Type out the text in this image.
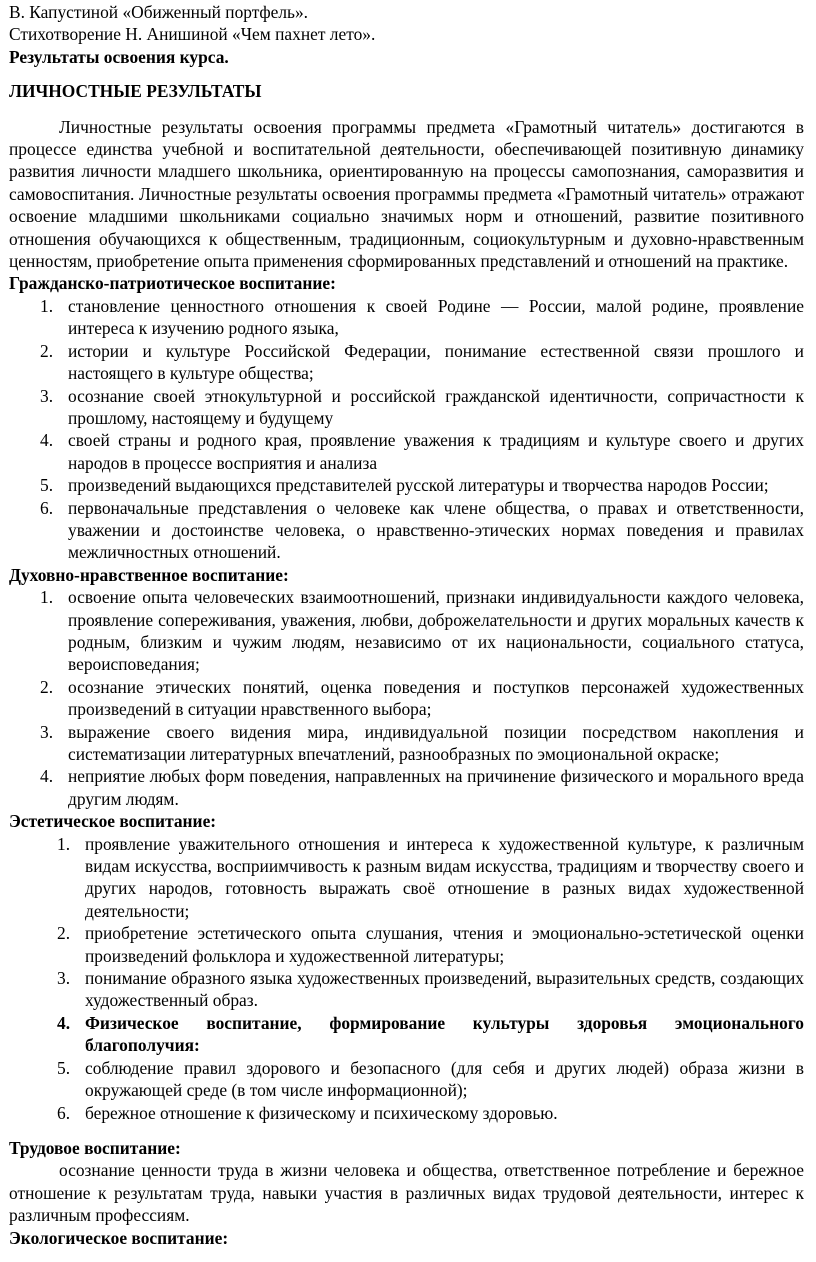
В. Капустиной «Обиженный портфель».

Стихотворение Н. Анишиной «Чем пахнет лето».

Результаты освоения курса.

ЛИЧНОСТНЫЕ РЕЗУЛЬТАТЫ

Личностные результаты освоения программы предмета «Грамотный читатель» достигаются в процессе единства учебной и воспитательной деятельности, обеспечивающей позитивную динамику развития личности младшего школьника, ориентированную на процессы самопознания, саморазвития и самовоспитания. Личностные результаты освоения программы предмета «Грамотный читатель» отражают освоение младшими школьниками социально значимых норм и отношений, развитие позитивного отношения обучающихся к общественным, традиционным, социокультурным и духовно-нравственным ценностям, приобретение опыта применения сформированных представлений и отношений на практике.

Гражданско-патриотическое воспитание:

1. становление ценностного отношения к своей Родине — России, малой родине, проявление интереса к изучению родного языка,
2. истории и культуре Российской Федерации, понимание естественной связи прошлого и настоящего в культуре общества;
3. осознание своей этнокультурной и российской гражданской идентичности, сопричастности к прошлому, настоящему и будущему
4. своей страны и родного края, проявление уважения к традициям и культуре своего и других народов в процессе восприятия и анализа
5. произведений выдающихся представителей русской литературы и творчества народов России;
6. первоначальные представления о человеке как члене общества, о правах и ответственности, уважении и достоинстве человека, о нравственно-этических нормах поведения и правилах межличностных отношений.

Духовно-нравственное воспитание:

1. освоение опыта человеческих взаимоотношений, признаки индивидуальности каждого человека, проявление сопереживания, уважения, любви, доброжелательности и других моральных качеств к родным, близким и чужим людям, независимо от их национальности, социального статуса, вероисповедания;
2. осознание этических понятий, оценка поведения и поступков персонажей художественных произведений в ситуации нравственного выбора;
3. выражение своего видения мира, индивидуальной позиции посредством накопления и систематизации литературных впечатлений, разнообразных по эмоциональной окраске;
4. неприятие любых форм поведения, направленных на причинение физического и морального вреда другим людям.

Эстетическое воспитание:

1. проявление уважительного отношения и интереса к художественной культуре, к различным видам искусства, восприимчивость к разным видам искусства, традициям и творчеству своего и других народов, готовность выражать своё отношение в разных видах художественной деятельности;
2. приобретение эстетического опыта слушания, чтения и эмоционально-эстетической оценки произведений фольклора и художественной литературы;
3. понимание образного языка художественных произведений, выразительных средств, создающих художественный образ.
4. Физическое воспитание, формирование культуры здоровья эмоционального благополучия:
5. соблюдение правил здорового и безопасного (для себя и других людей) образа жизни в окружающей среде (в том числе информационной);
6. бережное отношение к физическому и психическому здоровью.

Трудовое воспитание:

осознание ценности труда в жизни человека и общества, ответственное потребление и бережное отношение к результатам труда, навыки участия в различных видах трудовой деятельности, интерес к различным профессиям.

Экологическое воспитание:
